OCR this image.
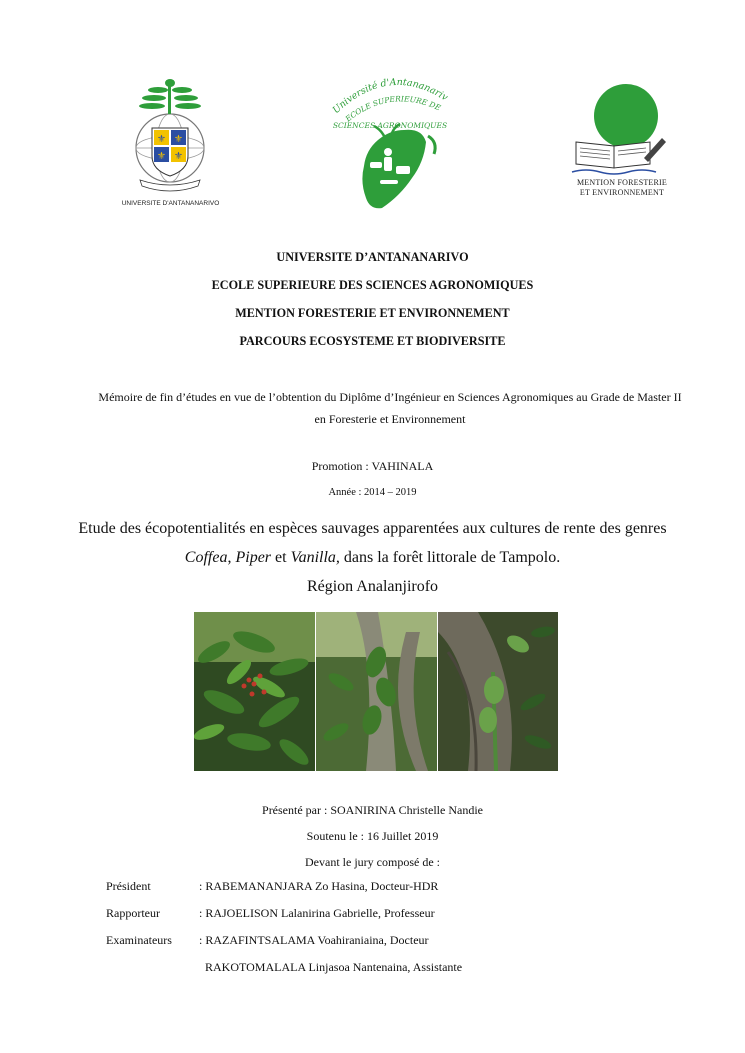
⚜ ⚜
⚜ ⚜
UNIVERSITE D'ANTANANARIVO
Université d'Antananariv
ECOLE SUPERIEURE DE
SCIENCES AGRONOMIQUES
MENTION FORESTERIE
ET ENVIRONNEMENT
UNIVERSITE D’ANTANANARIVO
ECOLE SUPERIEURE DES SCIENCES AGRONOMIQUES
MENTION FORESTERIE ET ENVIRONNEMENT
PARCOURS ECOSYSTEME ET BIODIVERSITE
Mémoire de fin d’études en vue de l’obtention du Diplôme d’Ingénieur en Sciences Agronomiques au Grade de Master II en Foresterie et Environnement
Promotion : VAHINALA
Année : 2014 – 2019
Etude des écopotentialités en espèces sauvages apparentées aux cultures de rente des genres Coffea, Piper et Vanilla, dans la forêt littorale de Tampolo.
Région Analanjirofo
Présenté par : SOANIRINA Christelle Nandie
Soutenu le : 16 Juillet 2019
Devant le jury composé de :
Président	: RABEMANANJARA Zo Hasina, Docteur-HDR
Rapporteur	: RAJOELISON Lalanirina Gabrielle, Professeur
Examinateurs : RAZAFINTSALAMA Voahiraniaina, Docteur
RAKOTOMALALA Linjasoa Nantenaina, Assistante
